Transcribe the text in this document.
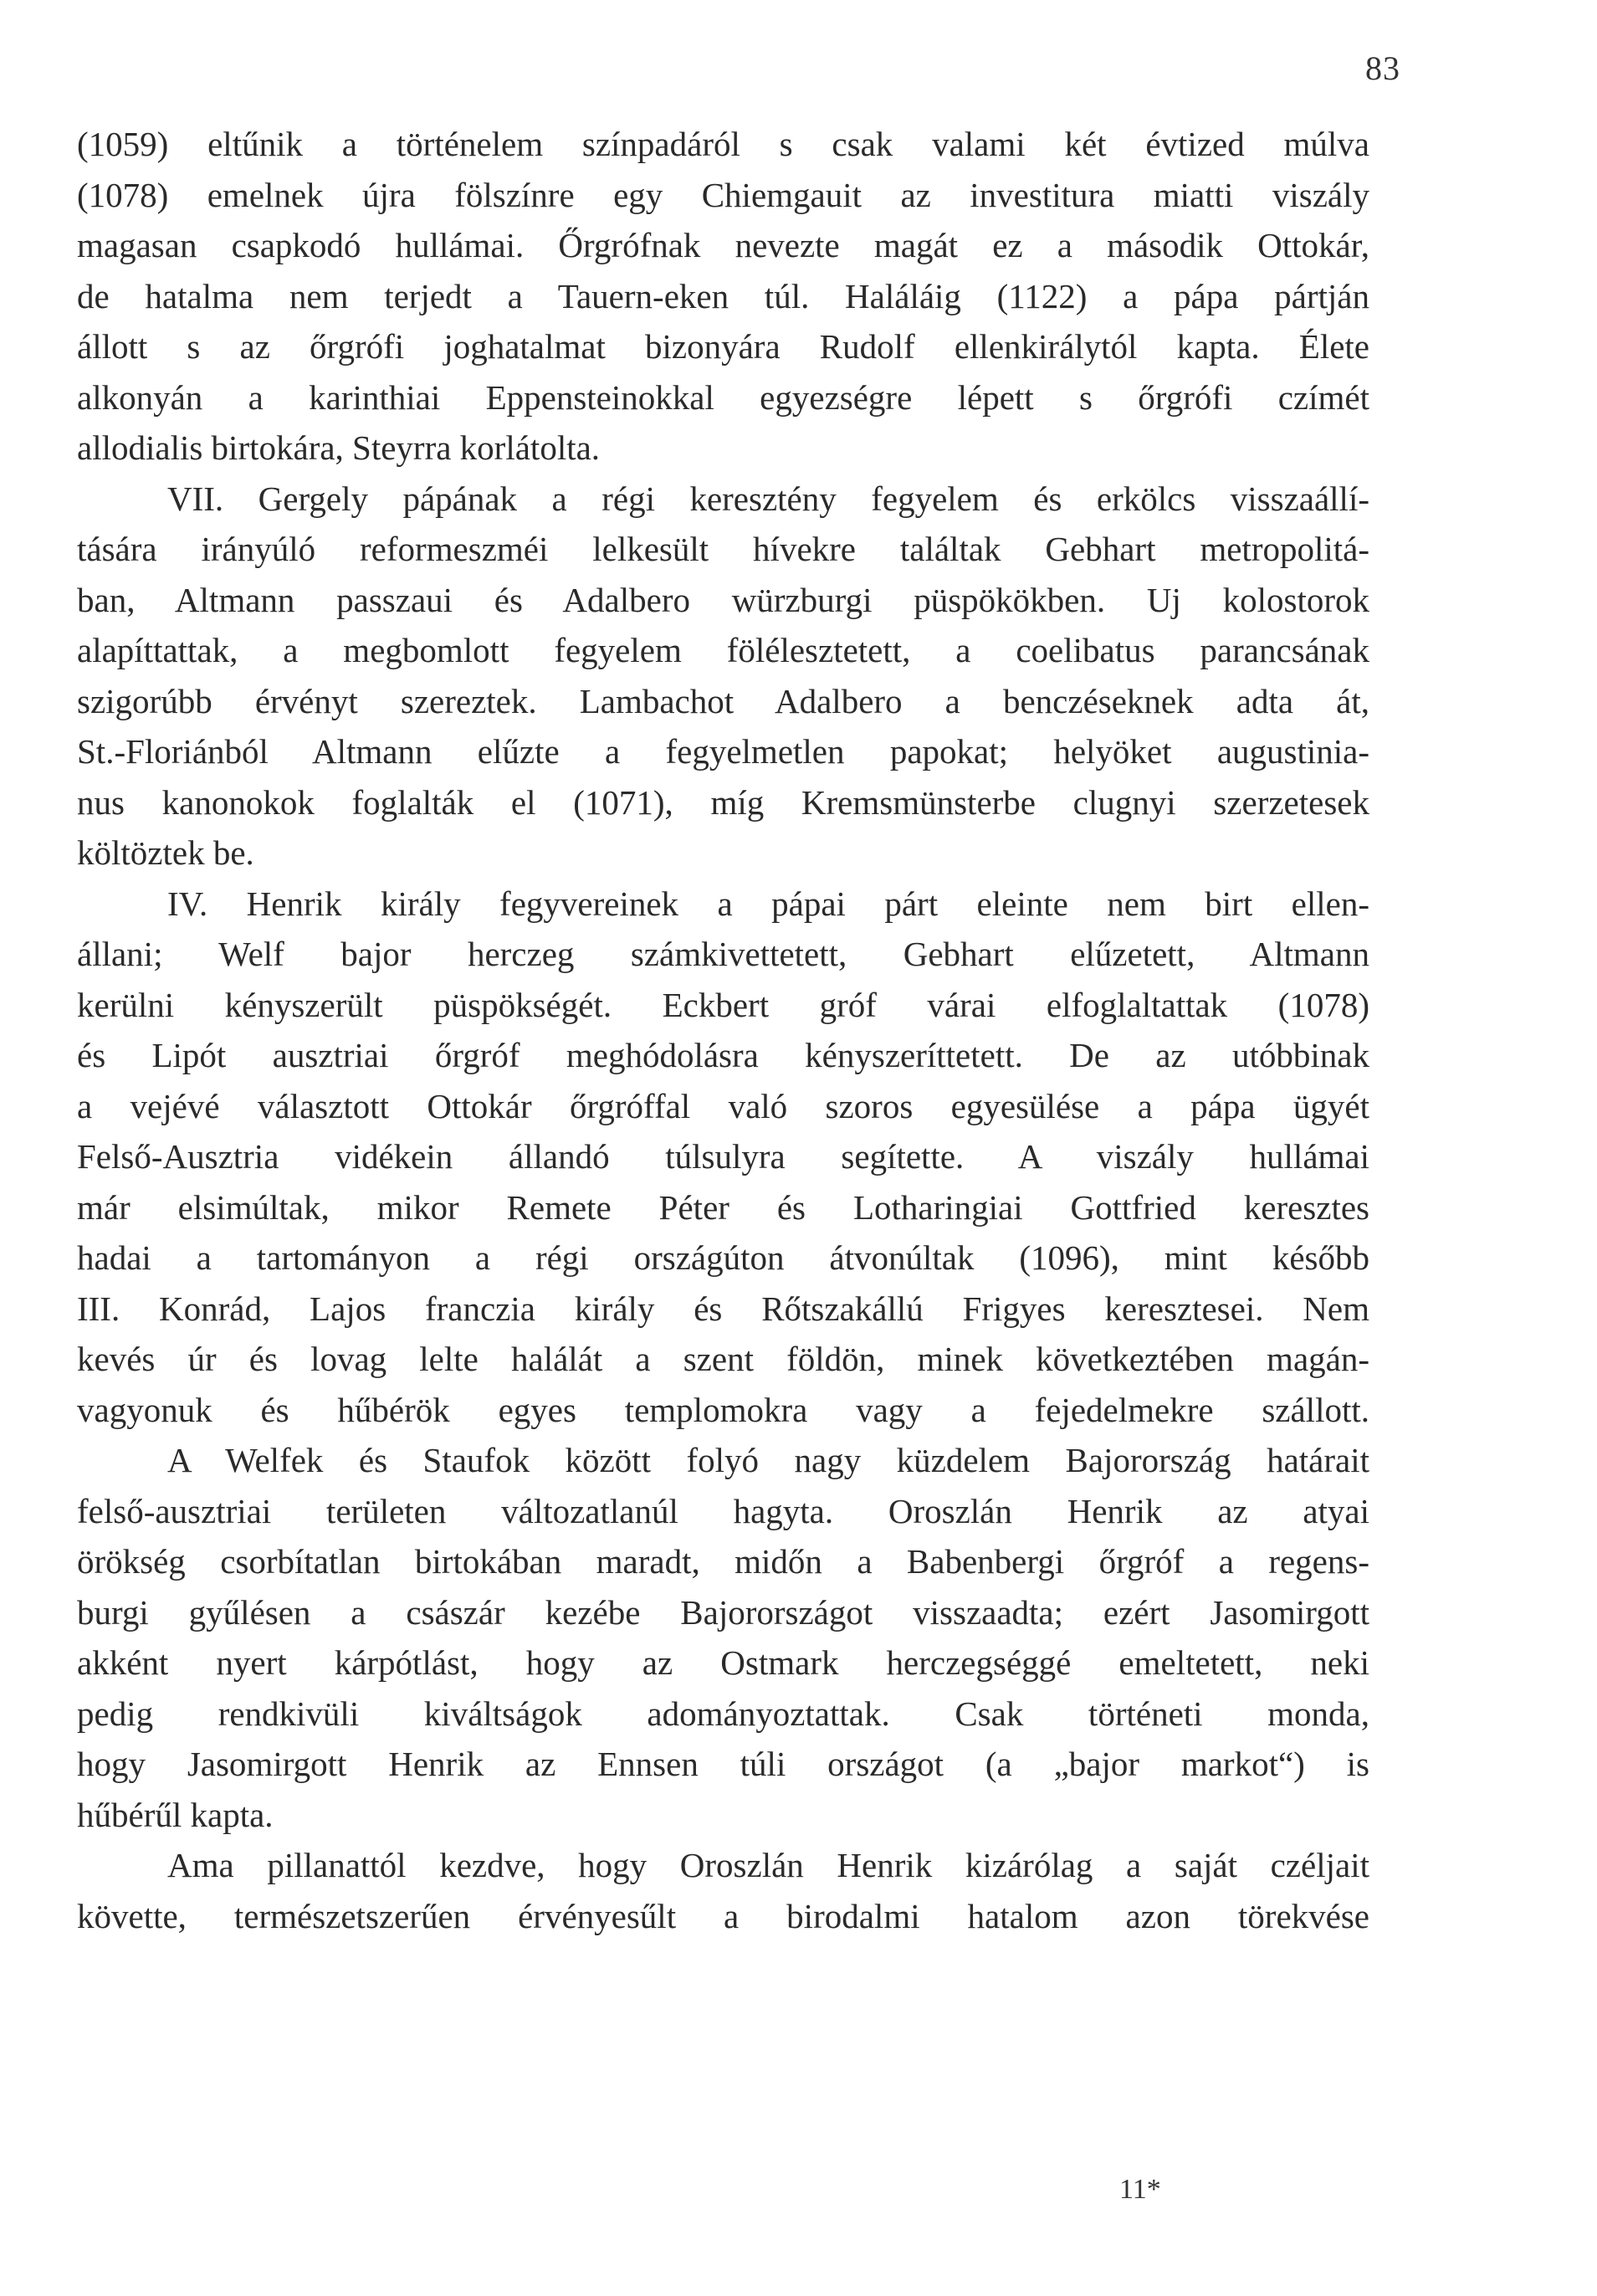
83
(1059) eltűnik a történelem színpadáról s csak valami két évtized múlva
(1078) emelnek újra fölszínre egy Chiemgauit az investitura miatti viszály
magasan csapkodó hullámai. Őrgrófnak nevezte magát ez a második Ottokár,
de hatalma nem terjedt a Tauern-eken túl. Haláláig (1122) a pápa pártján
állott s az őrgrófi joghatalmat bizonyára Rudolf ellenkirálytól kapta. Élete
alkonyán a karinthiai Eppensteinokkal egyezségre lépett s őrgrófi czímét
allodialis birtokára, Steyrra korlátolta.
VII. Gergely pápának a régi keresztény fegyelem és erkölcs visszaállí-
tására irányúló reformeszméi lelkesült hívekre találtak Gebhart metropolitá-
ban, Altmann passzaui és Adalbero würzburgi püspökökben. Uj kolostorok
alapíttattak, a megbomlott fegyelem fölélesztetett, a coelibatus parancsának
szigorúbb érvényt szereztek. Lambachot Adalbero a benczéseknek adta át,
St.-Floriánból Altmann elűzte a fegyelmetlen papokat; helyöket augustinia-
nus kanonokok foglalták el (1071), míg Kremsmünsterbe clugnyi szerzetesek
költöztek be.
IV. Henrik király fegyvereinek a pápai párt eleinte nem birt ellen-
állani; Welf bajor herczeg számkivettetett, Gebhart elűzetett, Altmann
kerülni kényszerült püspökségét. Eckbert gróf várai elfoglaltattak (1078)
és Lipót ausztriai őrgróf meghódolásra kényszeríttetett. De az utóbbinak
a vejévé választott Ottokár őrgróffal való szoros egyesülése a pápa ügyét
Felső-Ausztria vidékein állandó túlsulyra segítette. A viszály hullámai
már elsimúltak, mikor Remete Péter és Lotharingiai Gottfried keresztes
hadai a tartományon a régi országúton átvonúltak (1096), mint később
III. Konrád, Lajos franczia király és Rőtszakállú Frigyes keresztesei. Nem
kevés úr és lovag lelte halálát a szent földön, minek következtében magán-
vagyonuk és hűbérök egyes templomokra vagy a fejedelmekre szállott.
A Welfek és Staufok között folyó nagy küzdelem Bajorország határait
felső-ausztriai területen változatlanúl hagyta. Oroszlán Henrik az atyai
örökség csorbítatlan birtokában maradt, midőn a Babenbergi őrgróf a regens-
burgi gyűlésen a császár kezébe Bajorországot visszaadta; ezért Jasomirgott
akként nyert kárpótlást, hogy az Ostmark herczegséggé emeltetett, neki
pedig rendkivüli kiváltságok adományoztattak. Csak történeti monda,
hogy Jasomirgott Henrik az Ennsen túli országot (a „bajor markot“) is
hűbérűl kapta.
Ama pillanattól kezdve, hogy Oroszlán Henrik kizárólag a saját czéljait
követte, természetszerűen érvényesűlt a birodalmi hatalom azon törekvése
11*
